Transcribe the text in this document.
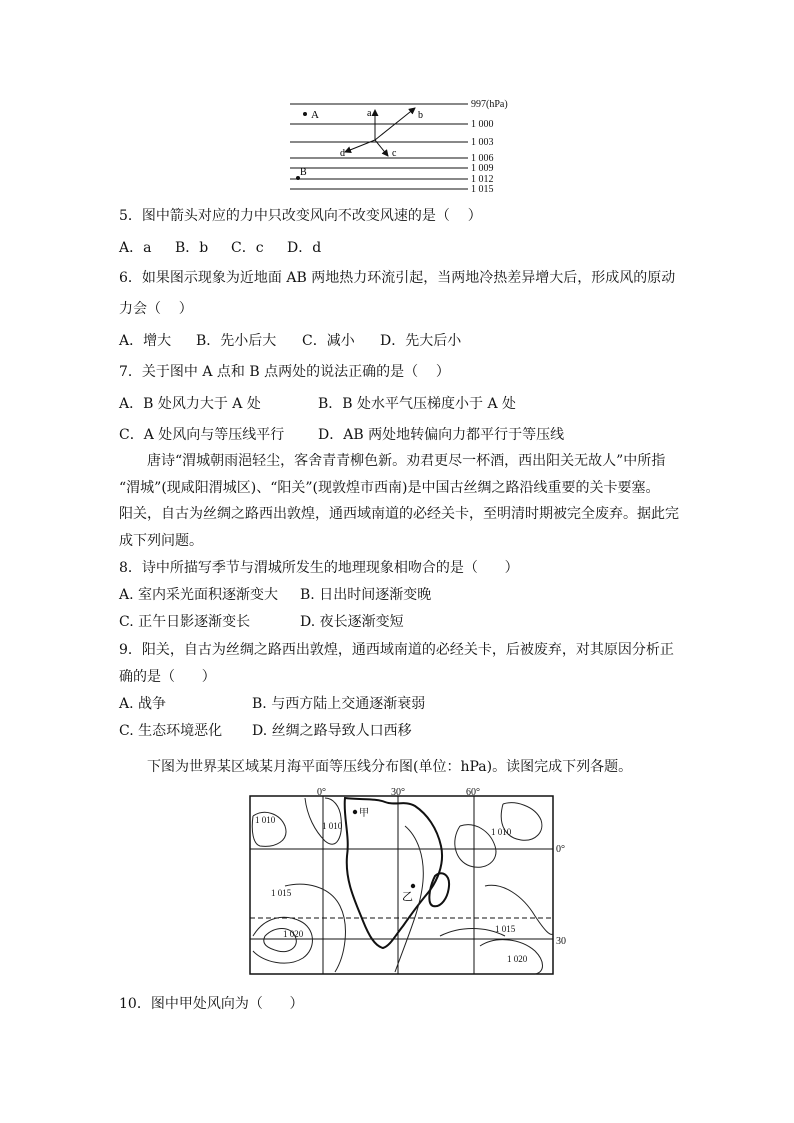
997(hPa)
1 000
1 003
1 006
1 009
1 012
1 015
A
B
a	b
c
d
5．图中箭头对应的力中只改变风向不改变风速的是（    ）
A．a B．b C．c D．d
6．如果图示现象为近地面 AB 两地热力环流引起，当两地冷热差异增大后，形成风的原动
力会（    ）
A．增大 B．先小后大 C．减小 D．先大后小
7．关于图中 A 点和 B 点两处的说法正确的是（    ）
A．B 处风力大于 A 处	B．B 处水平气压梯度小于 A 处
C．A 处风向与等压线平行 D．AB 两处地转偏向力都平行于等压线
唐诗“渭城朝雨浥轻尘，客舍青青柳色新。劝君更尽一杯酒，西出阳关无故人”中所指
“渭城”(现咸阳渭城区)、“阳关”(现敦煌市西南)是中国古丝绸之路沿线重要的关卡要塞。
阳关，自古为丝绸之路西出敦煌，通西域南道的必经关卡，至明清时期被完全废弃。据此完
成下列问题。
8．诗中所描写季节与渭城所发生的地理现象相吻合的是（      ）
A. 室内采光面积逐渐变大 B. 日出时间逐渐变晚
C. 正午日影逐渐变长	D. 夜长逐渐变短
9．阳关，自古为丝绸之路西出敦煌，通西域南道的必经关卡，后被废弃，对其原因分析正
确的是（      ）
A. 战争	B. 与西方陆上交通逐渐衰弱
C. 生态环境恶化 D. 丝绸之路导致人口西移
下图为世界某区域某月海平面等压线分布图(单位：hPa)。读图完成下列各题。
0°	30°	60°
0°
30
1 010
1 010
1 010
1 015
1 020	1 015
1 020
甲
乙
10．图中甲处风向为（      ）
